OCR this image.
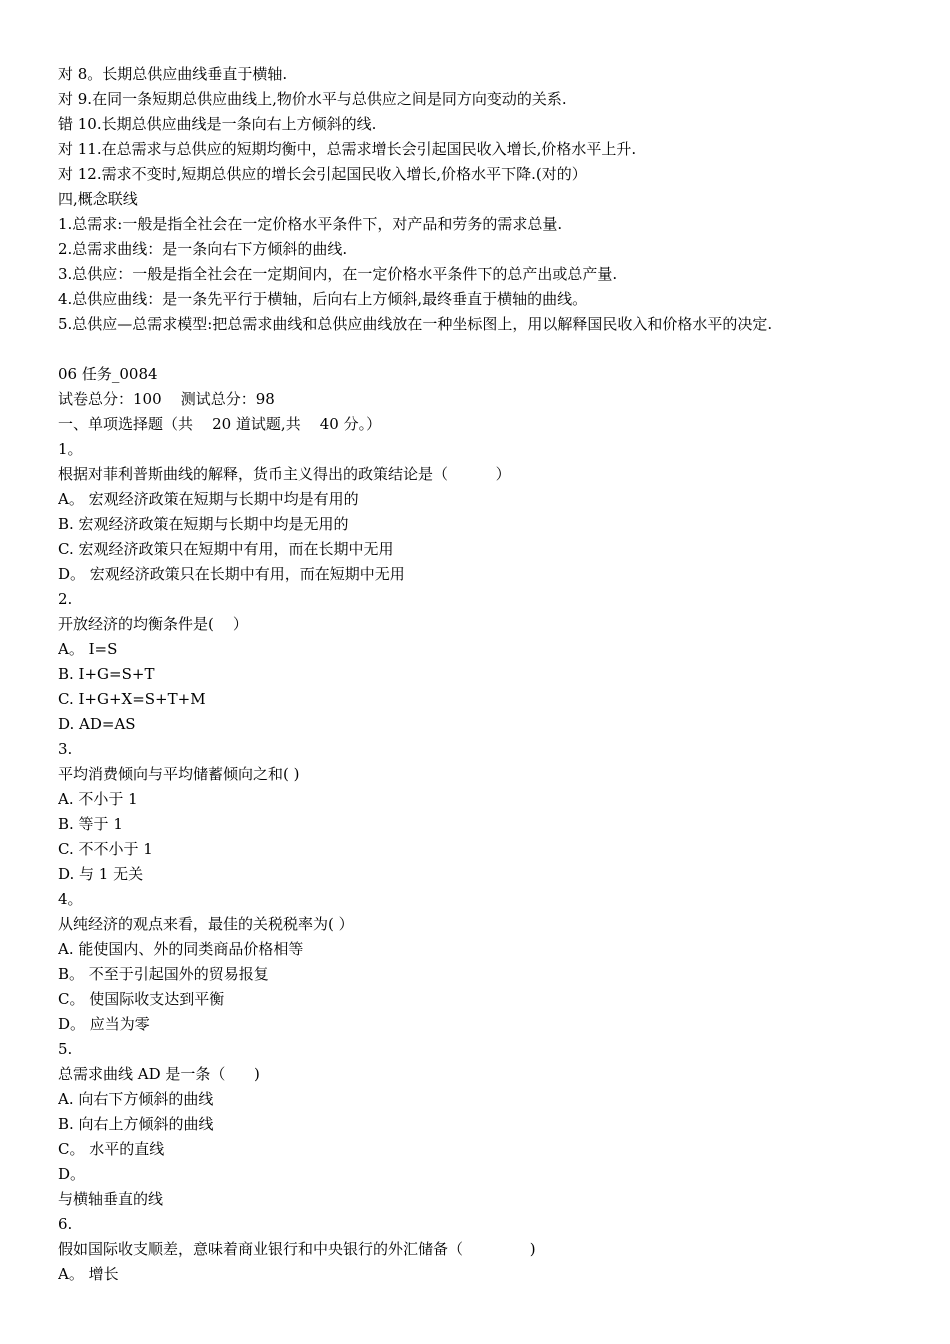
对 8。长期总供应曲线垂直于横轴.
对 9.在同一条短期总供应曲线上,物价水平与总供应之间是同方向变动的关系.
错 10.长期总供应曲线是一条向右上方倾斜的线.
对 11.在总需求与总供应的短期均衡中，总需求增长会引起国民收入增长,价格水平上升.
对 12.需求不变时,短期总供应的增长会引起国民收入增长,价格水平下降.(对的）
四,概念联线
1.总需求:一般是指全社会在一定价格水平条件下，对产品和劳务的需求总量.
2.总需求曲线：是一条向右下方倾斜的曲线.
3.总供应：一般是指全社会在一定期间内，在一定价格水平条件下的总产出或总产量.
4.总供应曲线：是一条先平行于横轴，后向右上方倾斜,最终垂直于横轴的曲线。
5.总供应—总需求模型:把总需求曲线和总供应曲线放在一种坐标图上，用以解释国民收入和价格水平的决定.
06 任务_0084
试卷总分：100    测试总分：98
一、单项选择题（共    20 道试题,共    40 分。）
1。
根据对菲利普斯曲线的解释，货币主义得出的政策结论是（          ）
A。 宏观经济政策在短期与长期中均是有用的
B. 宏观经济政策在短期与长期中均是无用的
C. 宏观经济政策只在短期中有用，而在长期中无用
D。 宏观经济政策只在长期中有用，而在短期中无用
2.
开放经济的均衡条件是(    ）
A。 I=S
B. I+G=S+T
C. I+G+X=S+T+M
D. AD=AS
3.
平均消费倾向与平均储蓄倾向之和( )
A. 不小于 1
B. 等于 1
C. 不不小于 1
D. 与 1 无关
4。
从纯经济的观点来看，最佳的关税税率为( ）
A. 能使国内、外的同类商品价格相等
B。 不至于引起国外的贸易报复
C。 使国际收支达到平衡
D。 应当为零
5.
总需求曲线 AD 是一条（      )
A. 向右下方倾斜的曲线
B. 向右上方倾斜的曲线
C。 水平的直线
D。
与横轴垂直的线
6.
假如国际收支顺差，意味着商业银行和中央银行的外汇储备（              )
A。 增长
